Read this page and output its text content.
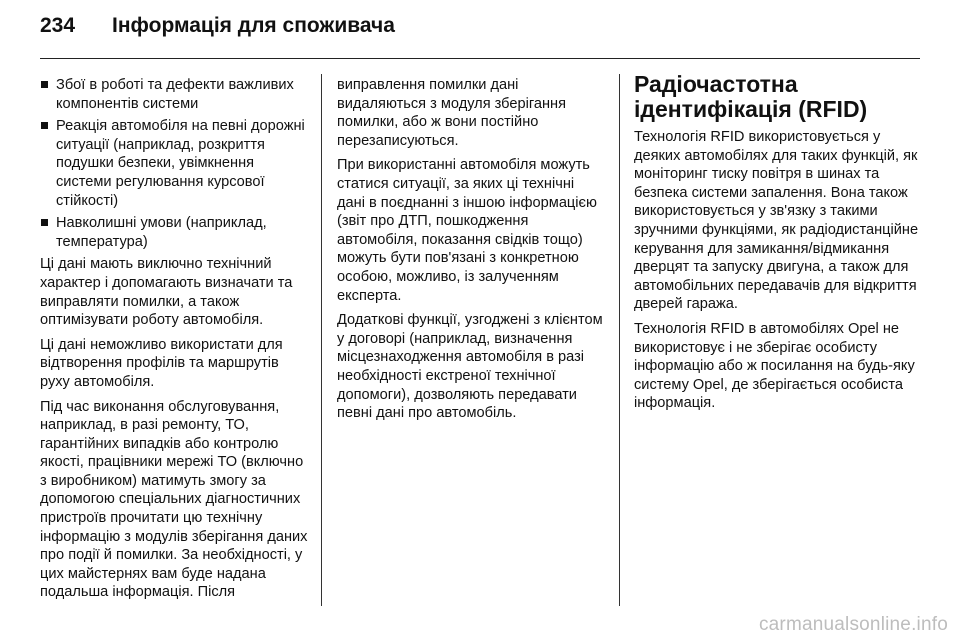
234	Інформація для споживача
Збої в роботі та дефекти важливих компонентів системи
Реакція автомобіля на певні дорожні ситуації (наприклад, розкриття подушки безпеки, увімкнення системи регулювання курсової стійкості)
Навколишні умови (наприклад, температура)

Ці дані мають виключно технічний характер і допомагають визначати та виправляти помилки, а також оптимізувати роботу автомобіля.

Ці дані неможливо використати для відтворення профілів та маршрутів руху автомобіля.

Під час виконання обслуговування, наприклад, в разі ремонту, ТО, гарантійних випадків або контролю якості, працівники мережі ТО (включно з виробником) матимуть змогу за допомогою спеціальних діагностичних пристроїв прочитати цю технічну інформацію з модулів зберігання даних про події й помилки. За необхідності, у цих майстернях вам буде надана подальша інформація. Після

виправлення помилки дані видаляються з модуля зберігання помилки, або ж вони постійно перезаписуються.

При використанні автомобіля можуть статися ситуації, за яких ці технічні дані в поєднанні з іншою інформацією (звіт про ДТП, пошкодження автомобіля, показання свідків тощо) можуть бути пов'язані з конкретною особою, можливо, із залученням експерта.

Додаткові функції, узгоджені з клієнтом у договорі (наприклад, визначення місцезнаходження автомобіля в разі необхідності екстреної технічної допомоги), дозволяють передавати певні дані про автомобіль.

Радіочастотна ідентифікація (RFID)

Технологія RFID використовується у деяких автомобілях для таких функцій, як моніторинг тиску повітря в шинах та безпека системи запалення. Вона також використовується у зв'язку з такими зручними функціями, як радіодистанційне керування для замикання/відмикання дверцят та запуску двигуна, а також для автомобільних передавачів для відкриття дверей гаража.

Технологія RFID в автомобілях Opel не використовує і не зберігає особисту інформацію або ж посилання на будь-яку систему Opel, де зберігається особиста інформація.

carmanualsonline.info
